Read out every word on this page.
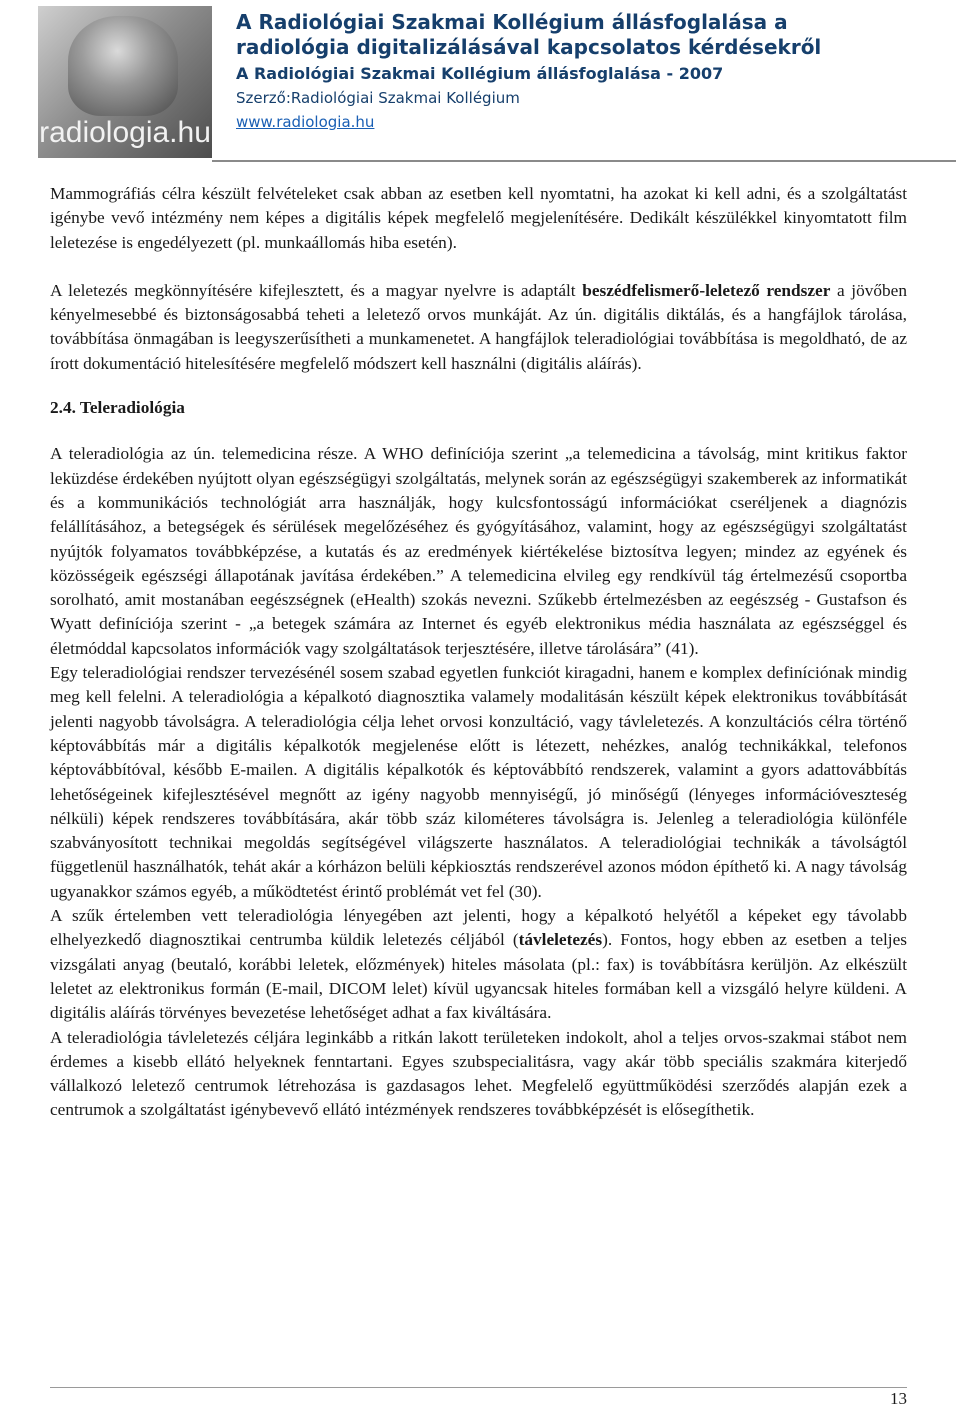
radiologia.hu
A Radiológiai Szakmai Kollégium állásfoglalása a
radiológia digitalizálásával kapcsolatos kérdésekről
A Radiológiai Szakmai Kollégium állásfoglalása - 2007
Szerző:Radiológiai Szakmai Kollégium
www.radiologia.hu

Mammográfiás célra készült felvételeket csak abban az esetben kell nyomtatni, ha azokat ki kell adni, és a szolgáltatást igénybe vevő intézmény nem képes a digitális képek megfelelő megjelenítésére. Dedikált készülékkel kinyomtatott film leletezése is engedélyezett (pl. munkaállomás hiba esetén).

A leletezés megkönnyítésére kifejlesztett, és a magyar nyelvre is adaptált beszédfelismerő-leletező rendszer a jövőben kényelmesebbé és biztonságosabbá teheti a leletező orvos munkáját. Az ún. digitális diktálás, és a hangfájlok tárolása, továbbítása önmagában is leegyszerűsítheti a munkamenetet. A hangfájlok teleradiológiai továbbítása is megoldható, de az írott dokumentáció hitelesítésére megfelelő módszert kell használni (digitális aláírás).

2.4. Teleradiológia

A teleradiológia az ún. telemedicina része. A WHO definíciója szerint „a telemedicina a távolság, mint kritikus faktor leküzdése érdekében nyújtott olyan egészségügyi szolgáltatás, melynek során az egészségügyi szakemberek az informatikát és a kommunikációs technológiát arra használják, hogy kulcsfontosságú információkat cseréljenek a diagnózis felállításához, a betegségek és sérülések megelőzéséhez és gyógyításához, valamint, hogy az egészségügyi szolgáltatást nyújtók folyamatos továbbképzése, a kutatás és az eredmények kiértékelése biztosítva legyen; mindez az egyének és közösségeik egészségi állapotának javítása érdekében.” A telemedicina elvileg egy rendkívül tág értelmezésű csoportba sorolható, amit mostanában eegészségnek (eHealth) szokás nevezni. Szűkebb értelmezésben az eegészség - Gustafson és Wyatt definíciója szerint - „a betegek számára az Internet és egyéb elektronikus média használata az egészséggel és életmóddal kapcsolatos információk vagy szolgáltatások terjesztésére, illetve tárolására” (41).

Egy teleradiológiai rendszer tervezésénél sosem szabad egyetlen funkciót kiragadni, hanem e komplex definíciónak mindig meg kell felelni. A teleradiológia a képalkotó diagnosztika valamely modalitásán készült képek elektronikus továbbítását jelenti nagyobb távolságra. A teleradiológia célja lehet orvosi konzultáció, vagy távleletezés. A konzultációs célra történő képtovábbítás már a digitális képalkotók megjelenése előtt is létezett, nehézkes, analóg technikákkal, telefonos képtovábbítóval, később E-mailen. A digitális képalkotók és képtovábbító rendszerek, valamint a gyors adattovábbítás lehetőségeinek kifejlesztésével megnőtt az igény nagyobb mennyiségű, jó minőségű (lényeges információveszteség nélküli) képek rendszeres továbbítására, akár több száz kilométeres távolságra is. Jelenleg a teleradiológia különféle szabványosított technikai megoldás segítségével világszerte használatos. A teleradiológiai technikák a távolságtól függetlenül használhatók, tehát akár a kórházon belüli képkiosztás rendszerével azonos módon építhető ki. A nagy távolság ugyanakkor számos egyéb, a működtetést érintő problémát vet fel (30).

A szűk értelemben vett teleradiológia lényegében azt jelenti, hogy a képalkotó helyétől a képeket egy távolabb elhelyezkedő diagnosztikai centrumba küldik leletezés céljából (távleletezés). Fontos, hogy ebben az esetben a teljes vizsgálati anyag (beutaló, korábbi leletek, előzmények) hiteles másolata (pl.: fax) is továbbításra kerüljön. Az elkészült leletet az elektronikus formán (E-mail, DICOM lelet) kívül ugyancsak hiteles formában kell a vizsgáló helyre küldeni. A digitális aláírás törvényes bevezetése lehetőséget adhat a fax kiváltására.

A teleradiológia távleletezés céljára leginkább a ritkán lakott területeken indokolt, ahol a teljes orvos-szakmai stábot nem érdemes a kisebb ellátó helyeknek fenntartani. Egyes szubspecialitásra, vagy akár több speciális szakmára kiterjedő vállalkozó leletező centrumok létrehozása is gazdasagos lehet. Megfelelő együttműködési szerződés alapján ezek a centrumok a szolgáltatást igénybevevő ellátó intézmények rendszeres továbbképzését is elősegíthetik.

13
